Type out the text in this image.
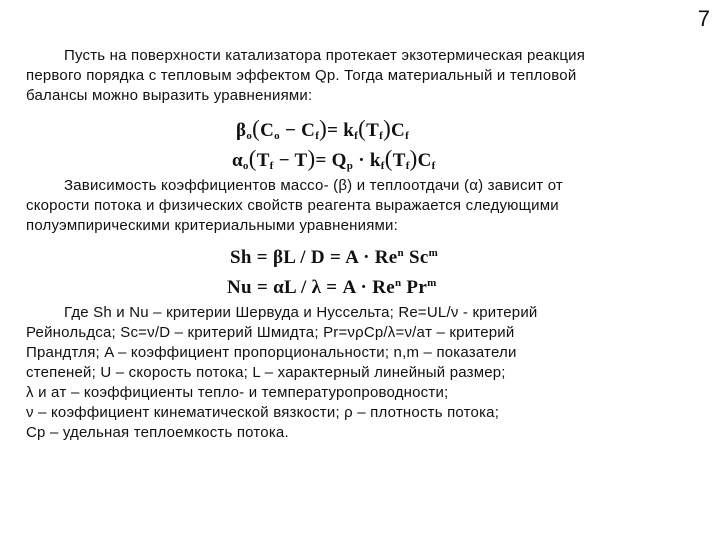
7
Пусть на поверхности катализатора протекает экзотермическая реакция первого порядка с тепловым эффектом Qp. Тогда материальный и тепловой балансы можно выразить уравнениями:
$\beta_o(C_o - C_f)= k_f(T_f)C_f$
$\alpha_o(T_f - T)= Q_p \cdot k_f(T_f)C_f$
Зависимость коэффициентов массо- (β) и теплоотдачи (α) зависит от скорости потока и физических свойств реагента выражается следующими полуэмпирическими критериальными уравнениями:
$Sh = \beta L / D = A \cdot Re^n$ Sc$^m$
$Nu = \alpha L / \lambda = A \cdot Re^n$ Pr$^m$
Где Sh и Nu – критерии Шервуда и Нуссельта; Re=UL/ν - критерий
Рейнольдса; Sc=ν/D – критерий Шмидта; Pr=νρCp/λ=ν/aт – критерий
Прандтля; A – коэффициент пропорциональности; n,m – показатели
степеней; U – скорость потока; L – характерный линейный размер;
λ и aт – коэффициенты тепло- и температуропроводности;
ν – коэффициент кинематической вязкости; ρ – плотность потока;
Cp – удельная теплоемкость потока.
